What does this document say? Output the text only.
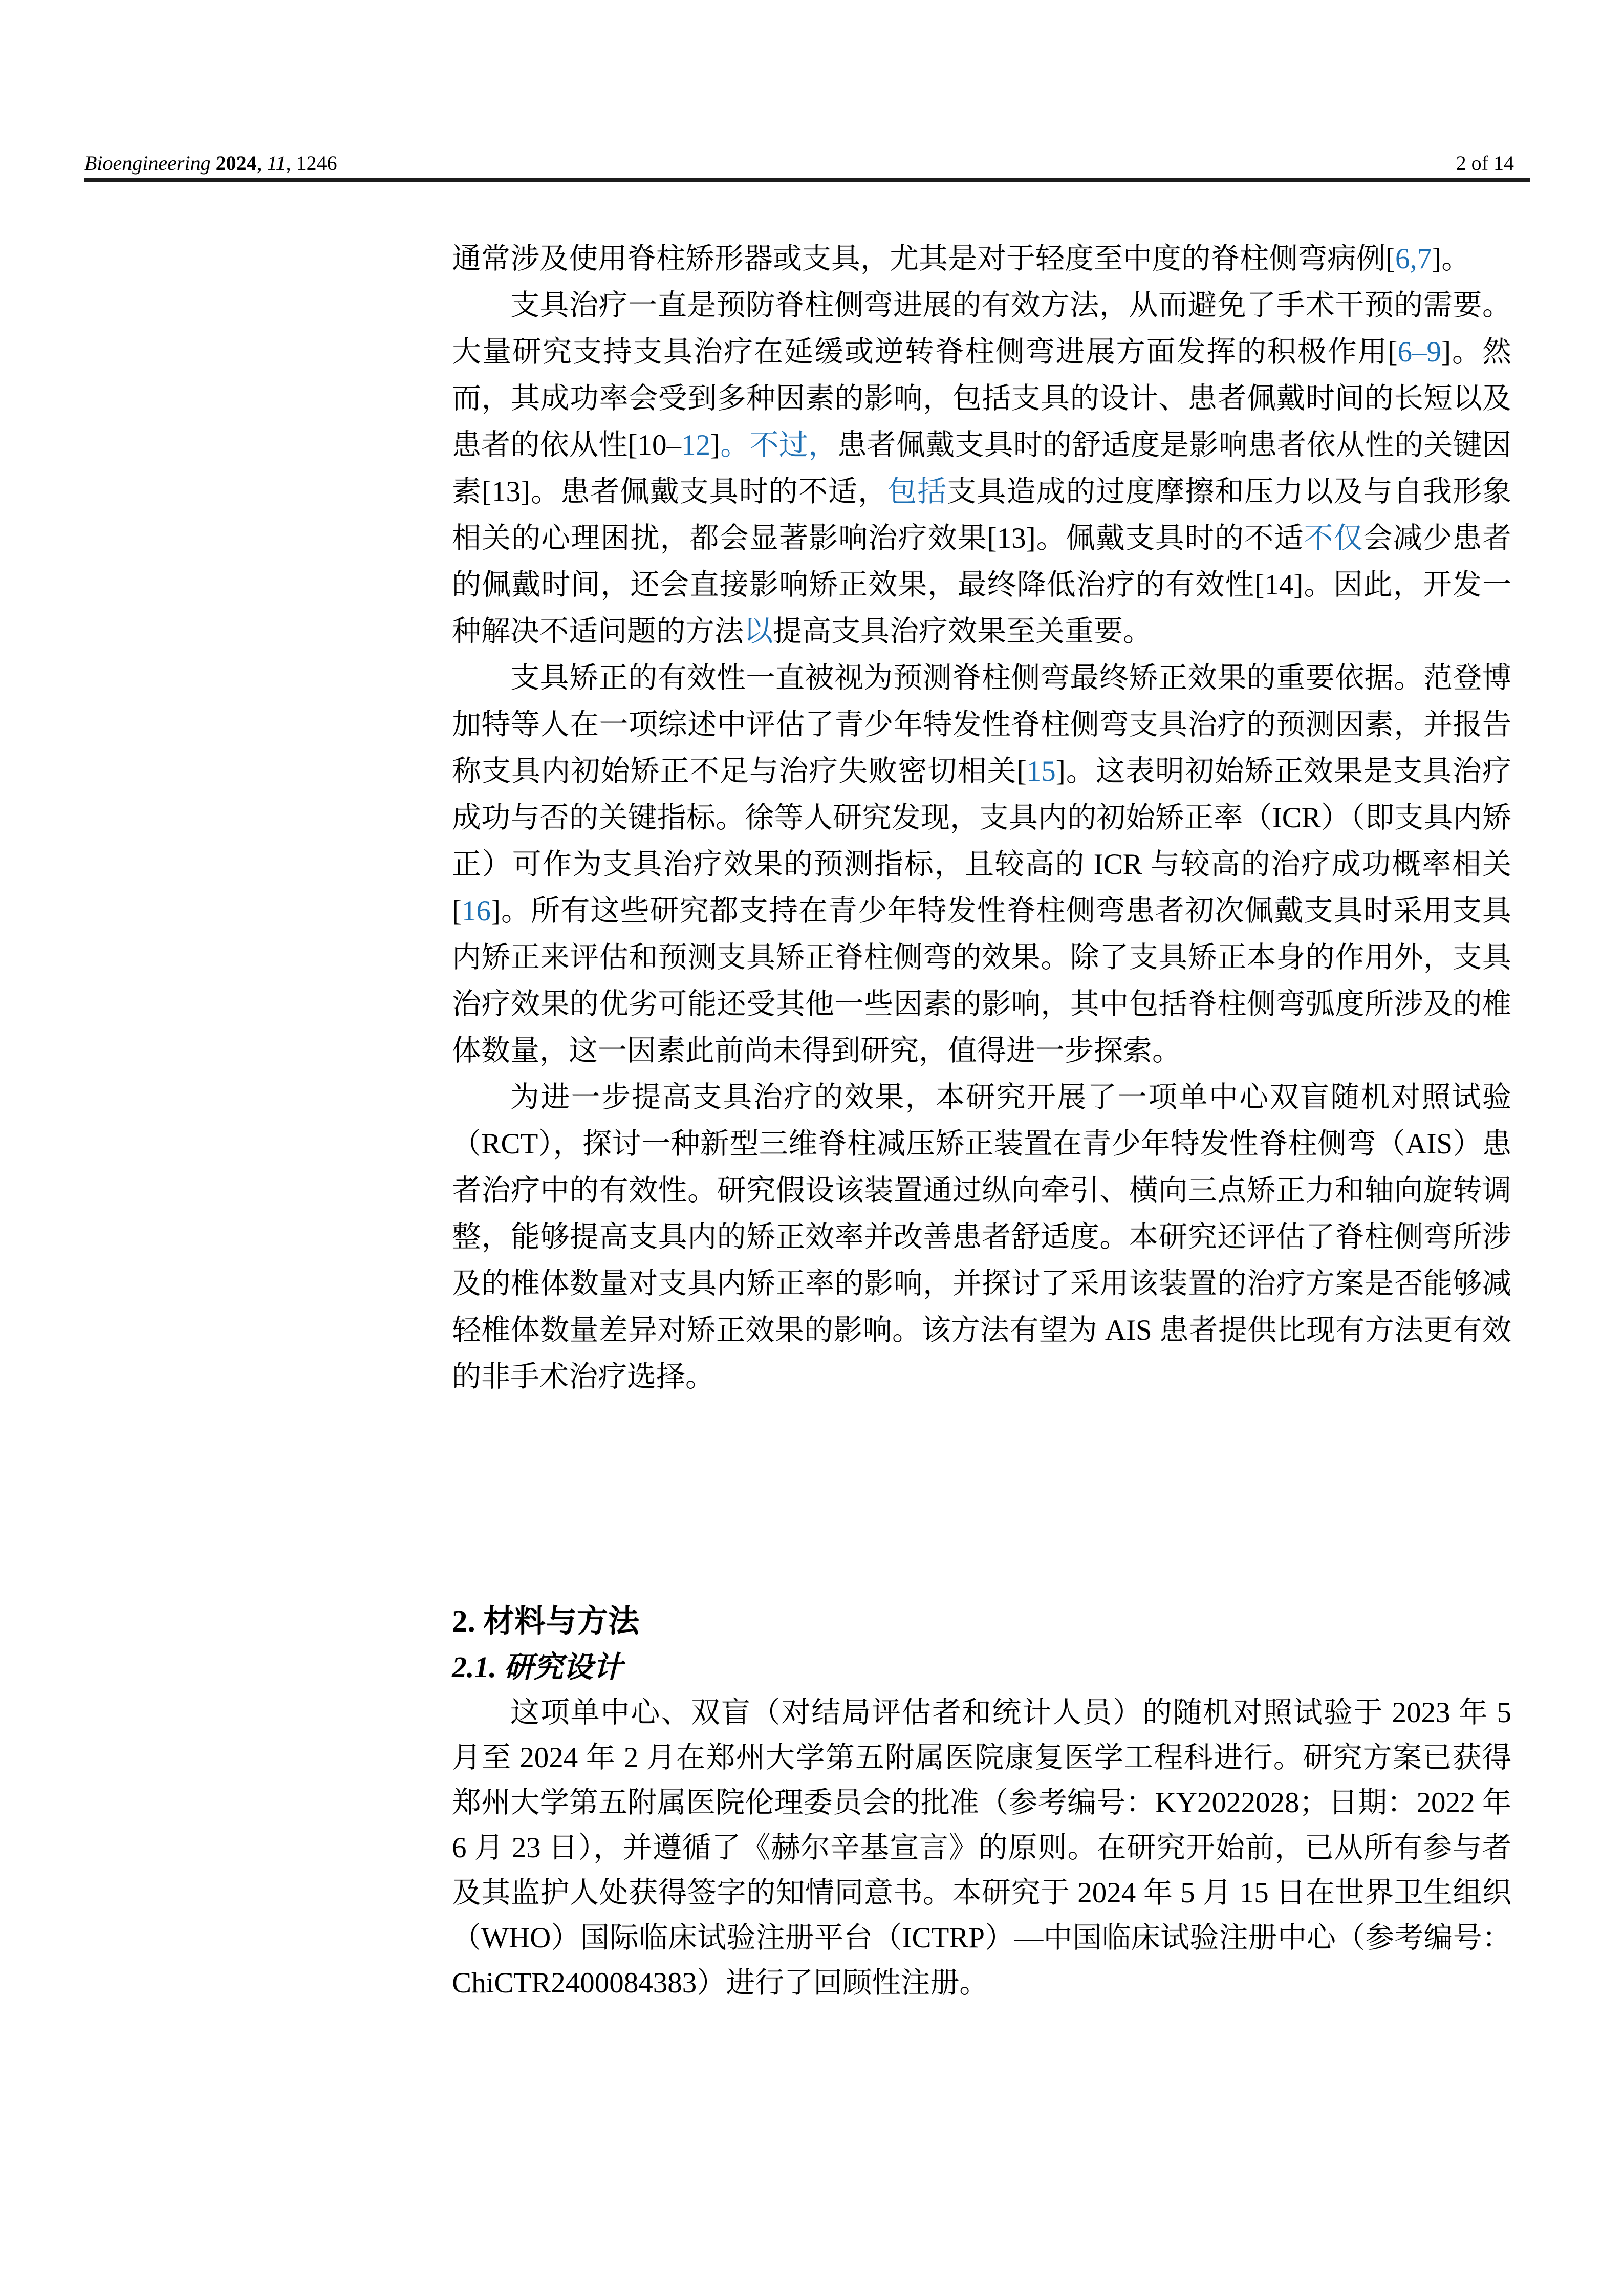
Bioengineering 2024, 11, 1246	2 of 14

通常涉及使用脊柱矫形器或支具，尤其是对于轻度至中度的脊柱侧弯病例[6,7]。

支具治疗一直是预防脊柱侧弯进展的有效方法，从而避免了手术干预的需要。大量研究支持支具治疗在延缓或逆转脊柱侧弯进展方面发挥的积极作用[6–9]。然而，其成功率会受到多种因素的影响，包括支具的设计、患者佩戴时间的长短以及患者的依从性[10–12]。不过，患者佩戴支具时的舒适度是影响患者依从性的关键因素[13]。患者佩戴支具时的不适，包括支具造成的过度摩擦和压力以及与自我形象相关的心理困扰，都会显著影响治疗效果[13]。佩戴支具时的不适不仅会减少患者的佩戴时间，还会直接影响矫正效果，最终降低治疗的有效性[14]。因此，开发一种解决不适问题的方法以提高支具治疗效果至关重要。

支具矫正的有效性一直被视为预测脊柱侧弯最终矫正效果的重要依据。范登博加特等人在一项综述中评估了青少年特发性脊柱侧弯支具治疗的预测因素，并报告称支具内初始矫正不足与治疗失败密切相关[15]。这表明初始矫正效果是支具治疗成功与否的关键指标。徐等人研究发现，支具内的初始矫正率（ICR）（即支具内矫正）可作为支具治疗效果的预测指标，且较高的 ICR 与较高的治疗成功概率相关[16]。所有这些研究都支持在青少年特发性脊柱侧弯患者初次佩戴支具时采用支具内矫正来评估和预测支具矫正脊柱侧弯的效果。除了支具矫正本身的作用外，支具治疗效果的优劣可能还受其他一些因素的影响，其中包括脊柱侧弯弧度所涉及的椎体数量，这一因素此前尚未得到研究，值得进一步探索。

为进一步提高支具治疗的效果，本研究开展了一项单中心双盲随机对照试验（RCT），探讨一种新型三维脊柱减压矫正装置在青少年特发性脊柱侧弯（AIS）患者治疗中的有效性。研究假设该装置通过纵向牵引、横向三点矫正力和轴向旋转调整，能够提高支具内的矫正效率并改善患者舒适度。本研究还评估了脊柱侧弯所涉及的椎体数量对支具内矫正率的影响，并探讨了采用该装置的治疗方案是否能够减轻椎体数量差异对矫正效果的影响。该方法有望为 AIS 患者提供比现有方法更有效的非手术治疗选择。

2. 材料与方法
2.1. 研究设计

这项单中心、双盲（对结局评估者和统计人员）的随机对照试验于 2023 年 5 月至 2024 年 2 月在郑州大学第五附属医院康复医学工程科进行。研究方案已获得郑州大学第五附属医院伦理委员会的批准（参考编号：KY2022028；日期：2022 年 6 月 23 日），并遵循了《赫尔辛基宣言》的原则。在研究开始前，已从所有参与者及其监护人处获得签字的知情同意书。本研究于 2024 年 5 月 15 日在世界卫生组织（WHO）国际临床试验注册平台（ICTRP）—中国临床试验注册中心（参考编号：ChiCTR2400084383）进行了回顾性注册。
